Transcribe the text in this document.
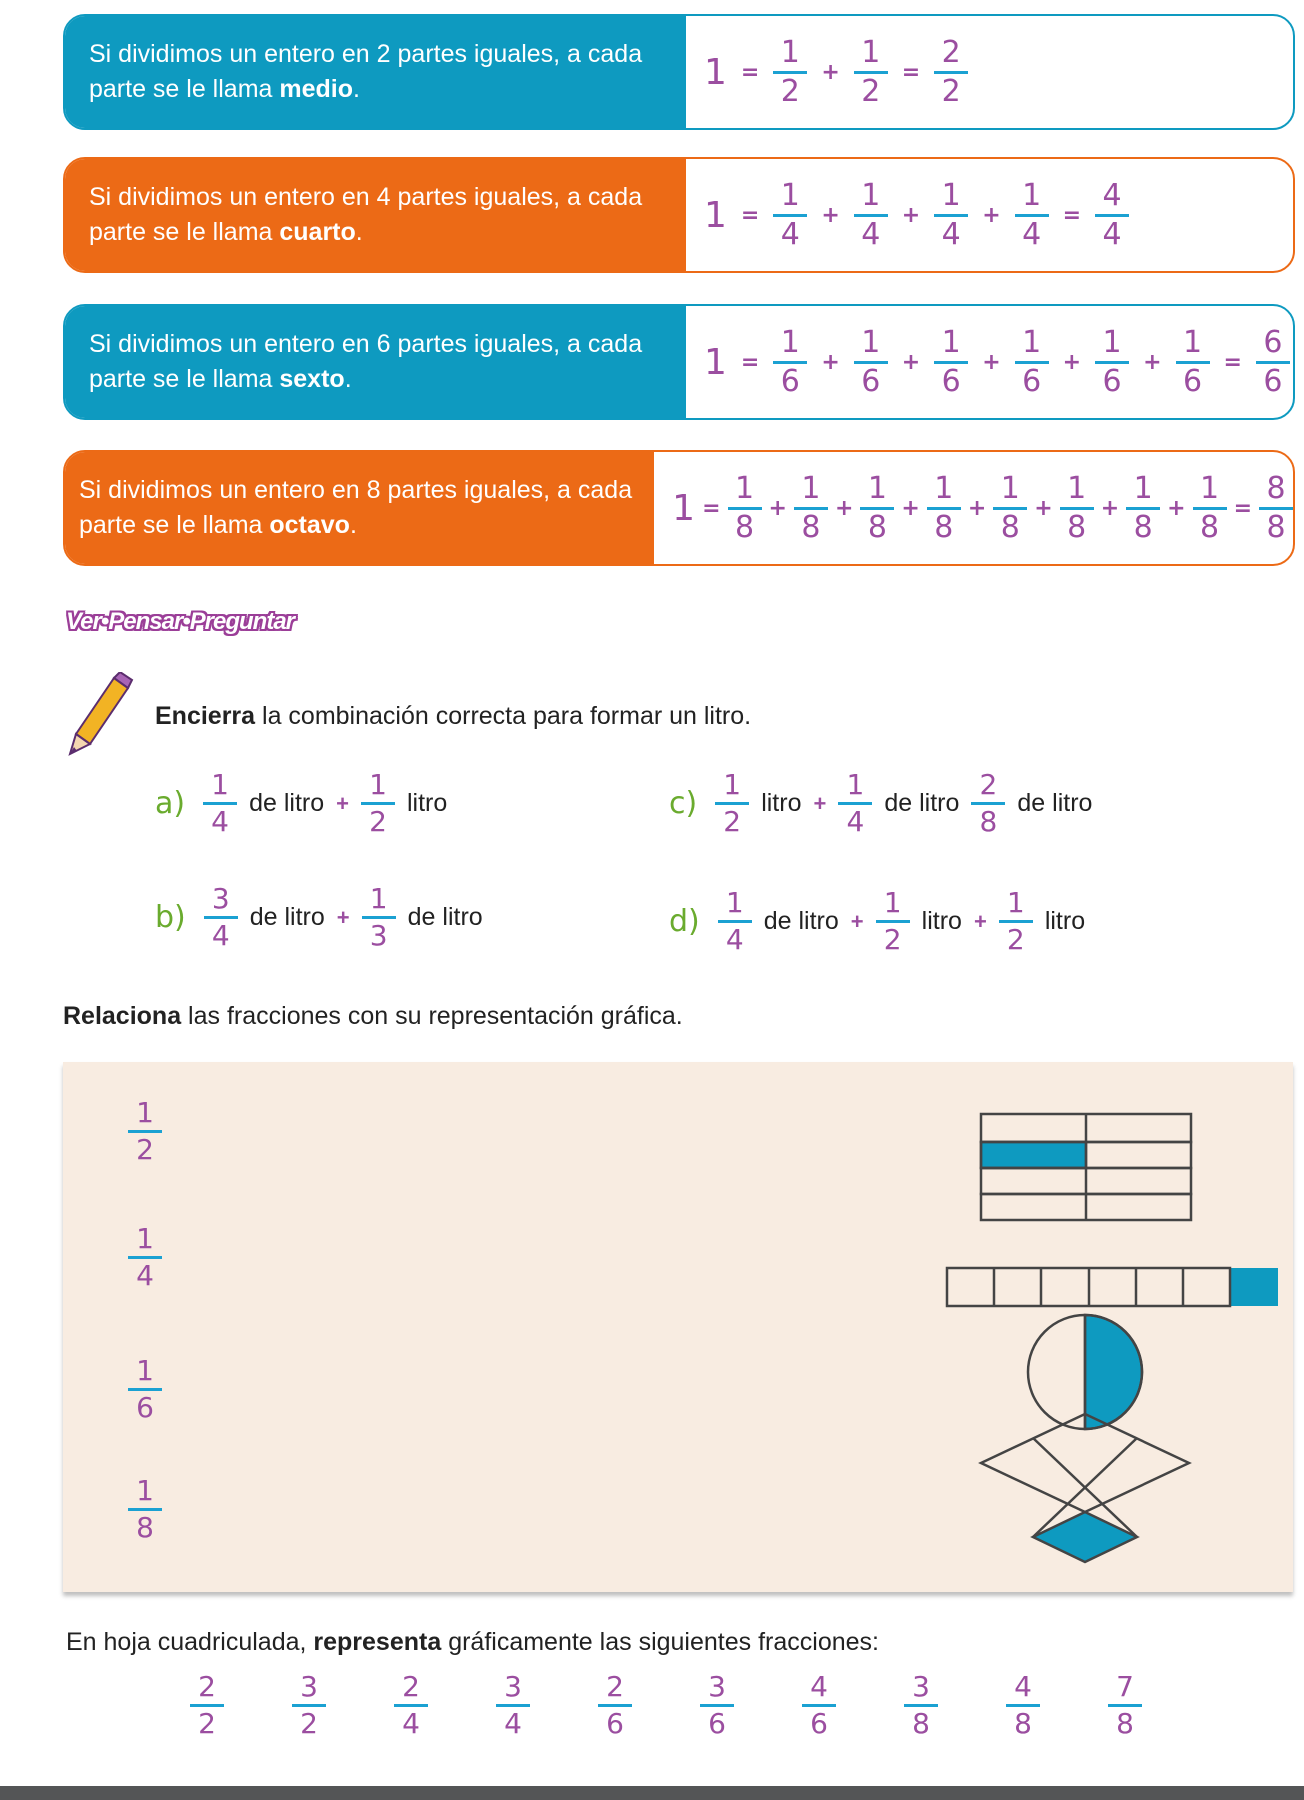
Si dividimos un entero en 2 partes iguales, a cada parte se le llama medio.	$1 = \frac{1}{2} + \frac{1}{2} = \frac{2}{2}$
Si dividimos un entero en 4 partes iguales, a cada parte se le llama cuarto.	$1 = \frac{1}{4} + \frac{1}{4} + \frac{1}{4} + \frac{1}{4} = \frac{4}{4}$
Si dividimos un entero en 6 partes iguales, a cada parte se le llama sexto.	$1 = \frac{1}{6} + \frac{1}{6} + \frac{1}{6} + \frac{1}{6} + \frac{1}{6} + \frac{1}{6} = \frac{6}{6}$
Si dividimos un entero en 8 partes iguales, a cada parte se le llama octavo.	$1 = \frac{1}{8} + \frac{1}{8} + \frac{1}{8} + \frac{1}{8} + \frac{1}{8} + \frac{1}{8} + \frac{1}{8} + \frac{1}{8} = \frac{8}{8}$
Ver•Pensar•Preguntar
Encierra la combinación correcta para formar un litro.
$a) \frac{1}{4}$ de litro + $\frac{1}{2}$ litro	$c) \frac{1}{2}$ litro + $\frac{1}{4}$ de litro $\frac{2}{8}$ de litro
$b) \frac{3}{4}$ de litro + $\frac{1}{3}$ de litro	$d) \frac{1}{4}$ de litro + $\frac{1}{2}$ litro + $\frac{1}{2}$ litro
Relaciona las fracciones con su representación gráfica.
$\frac{1}{2}$
$\frac{1}{4}$
$\frac{1}{6}$
$\frac{1}{8}$
En hoja cuadriculada, representa gráficamente las siguientes fracciones:
$\frac{2}{2} \frac{3}{2} \frac{2}{4} \frac{3}{4} \frac{2}{6} \frac{3}{6} \frac{4}{6} \frac{3}{8} \frac{4}{8} \frac{7}{8}$
